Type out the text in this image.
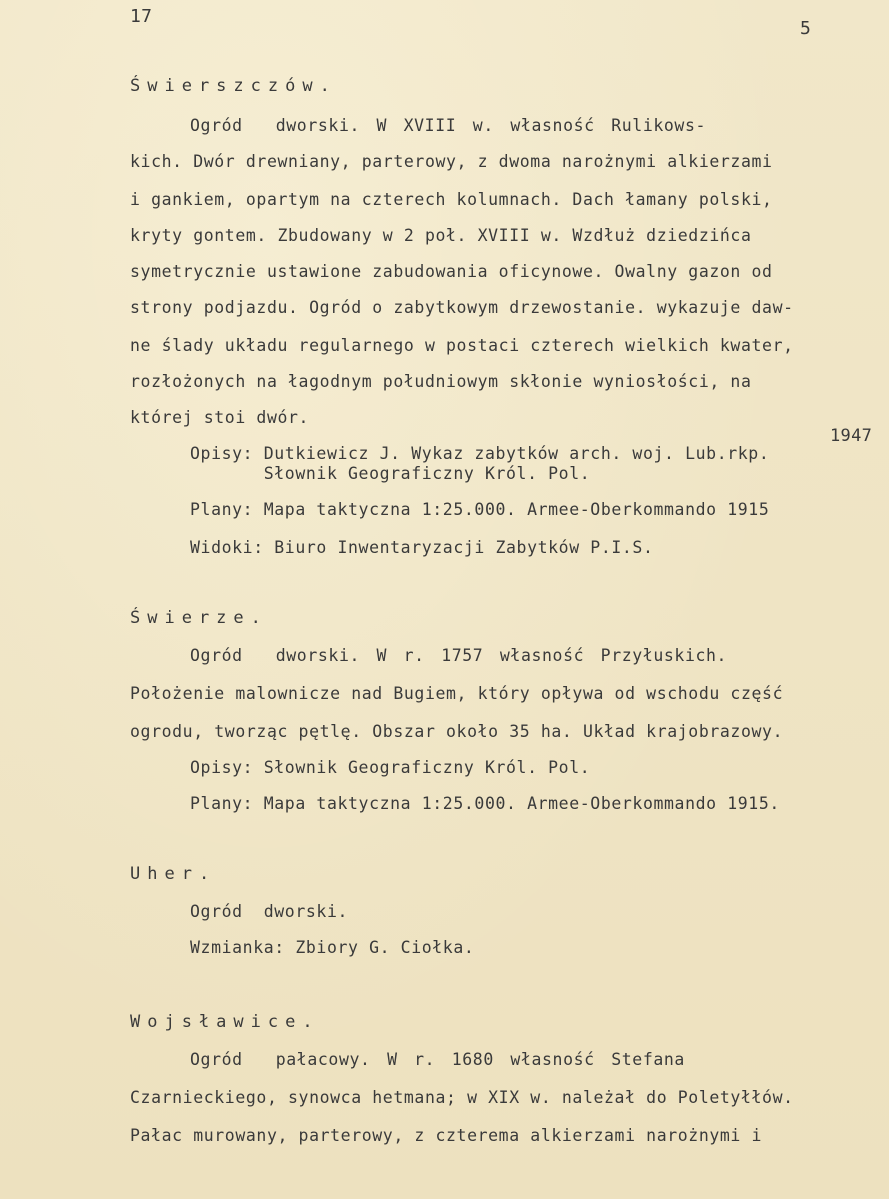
17
5
Świerszczów.
Ogród  dworski. W XVIII w. własność Rulikows-
kich. Dwór drewniany, parterowy, z dwoma narożnymi alkierzami
i gankiem, opartym na czterech kolumnach. Dach łamany polski,
kryty gontem. Zbudowany w 2 poł. XVIII w. Wzdłuż dziedzińca
symetrycznie ustawione zabudowania oficynowe. Owalny gazon od
strony podjazdu. Ogród o zabytkowym drzewostanie. wykazuje daw-
ne ślady układu regularnego w postaci czterech wielkich kwater,
rozłożonych na łagodnym południowym skłonie wyniosłości, na
której stoi dwór.
1947
Opisy: Dutkiewicz J. Wykaz zabytków arch. woj. Lub.rkp.
Słownik Geograficzny Król. Pol.
Plany: Mapa taktyczna 1:25.000. Armee-Oberkommando 1915
Widoki: Biuro Inwentaryzacji Zabytków P.I.S.
Świerze.
Ogród  dworski. W r. 1757 własność Przyłuskich.
Położenie malownicze nad Bugiem, który opływa od wschodu część
ogrodu, tworząc pętlę. Obszar około 35 ha. Układ krajobrazowy.
Opisy: Słownik Geograficzny Król. Pol.
Plany: Mapa taktyczna 1:25.000. Armee-Oberkommando 1915.
Uher.
Ogród  dworski.
Wzmianka: Zbiory G. Ciołka.
Wojsławice.
Ogród  pałacowy. W r. 1680 własność Stefana
Czarnieckiego, synowca hetmana; w XIX w. należał do Poletyłłów.
Pałac murowany, parterowy, z czterema alkierzami narożnymi i
